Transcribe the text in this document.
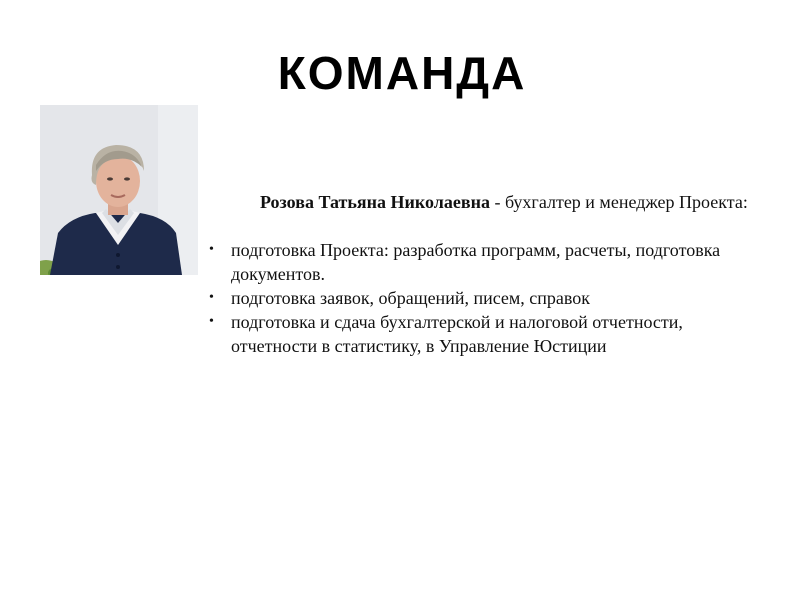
КОМАНДА

Розова Татьяна Николаевна - бухгалтер и менеджер Проекта:

• подготовка Проекта: разработка программ, расчеты, подготовка документов.
• подготовка заявок, обращений, писем, справок
• подготовка и сдача бухгалтерской и налоговой отчетности, отчетности в статистику, в Управление Юстиции
